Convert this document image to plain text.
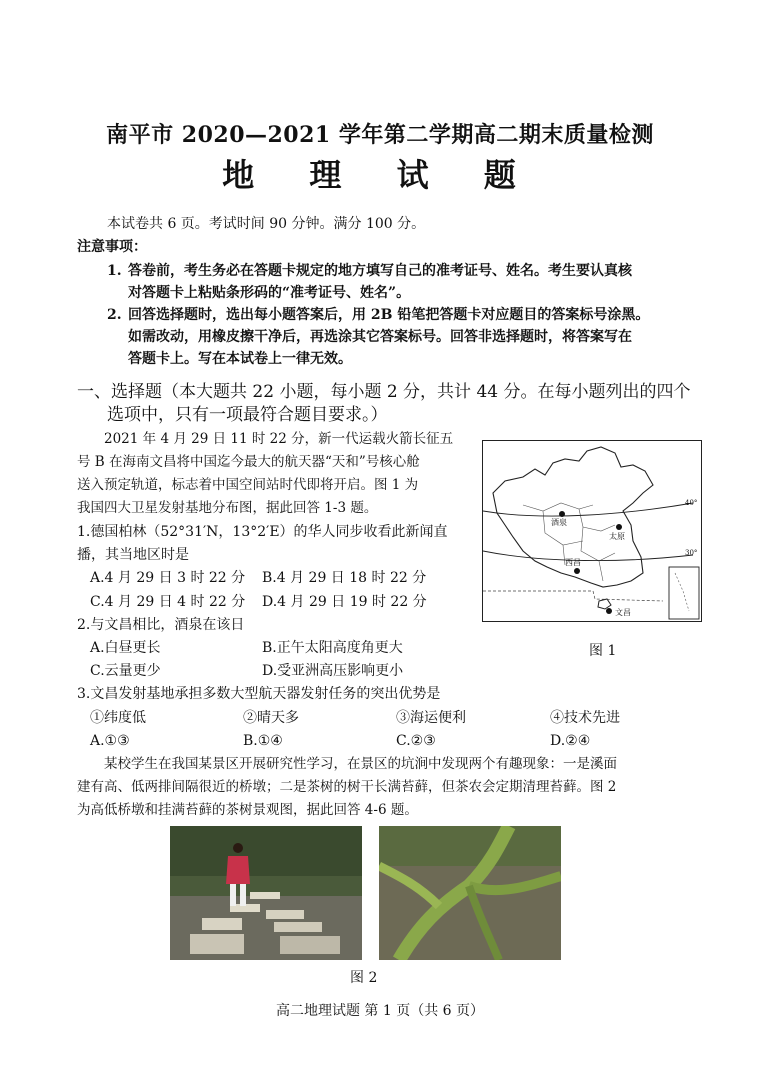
南平市 2020—2021 学年第二学期高二期末质量检测
地 理 试 题
本试卷共 6 页。考试时间 90 分钟。满分 100 分。
注意事项：
1. 答卷前，考生务必在答题卡规定的地方填写自己的准考证号、姓名。考生要认真核
对答题卡上粘贴条形码的“准考证号、姓名”。
2. 回答选择题时，选出每小题答案后，用 2B 铅笔把答题卡对应题目的答案标号涂黑。
如需改动，用橡皮擦干净后，再选涂其它答案标号。回答非选择题时，将答案写在
答题卡上。写在本试卷上一律无效。
一、选择题（本大题共 22 小题，每小题 2 分，共计 44 分。在每小题列出的四个
选项中，只有一项最符合题目要求。）
2021 年 4 月 29 日 11 时 22 分，新一代运载火箭长征五
号 B 在海南文昌将中国迄今最大的航天器“天和”号核心舱
送入预定轨道，标志着中国空间站时代即将开启。图 1 为
我国四大卫星发射基地分布图，据此回答 1-3 题。
1.德国柏林（52°31′N，13°2′E）的华人同步收看此新闻直
播，其当地区时是
A.4 月 29 日 3 时 22 分 B.4 月 29 日 18 时 22 分
C.4 月 29 日 4 时 22 分 D.4 月 29 日 19 时 22 分
2.与文昌相比，酒泉在该日
A.白昼更长	B.正午太阳高度角更大
C.云量更少	D.受亚洲高压影响更小
3.文昌发射基地承担多数大型航天器发射任务的突出优势是
①纬度低	②晴天多	③海运便利	④技术先进
A.①③	B.①④	C.②③	D.②④
40°
30°
酒泉
太原
西昌
文昌
图 1
某校学生在我国某景区开展研究性学习，在景区的坑涧中发现两个有趣现象：一是溪面
建有高、低两排间隔很近的桥墩；二是茶树的树干长满苔藓，但茶农会定期清理苔藓。图 2
为高低桥墩和挂满苔藓的茶树景观图，据此回答 4-6 题。
图 2
高二地理试题 第 1 页（共 6 页）
